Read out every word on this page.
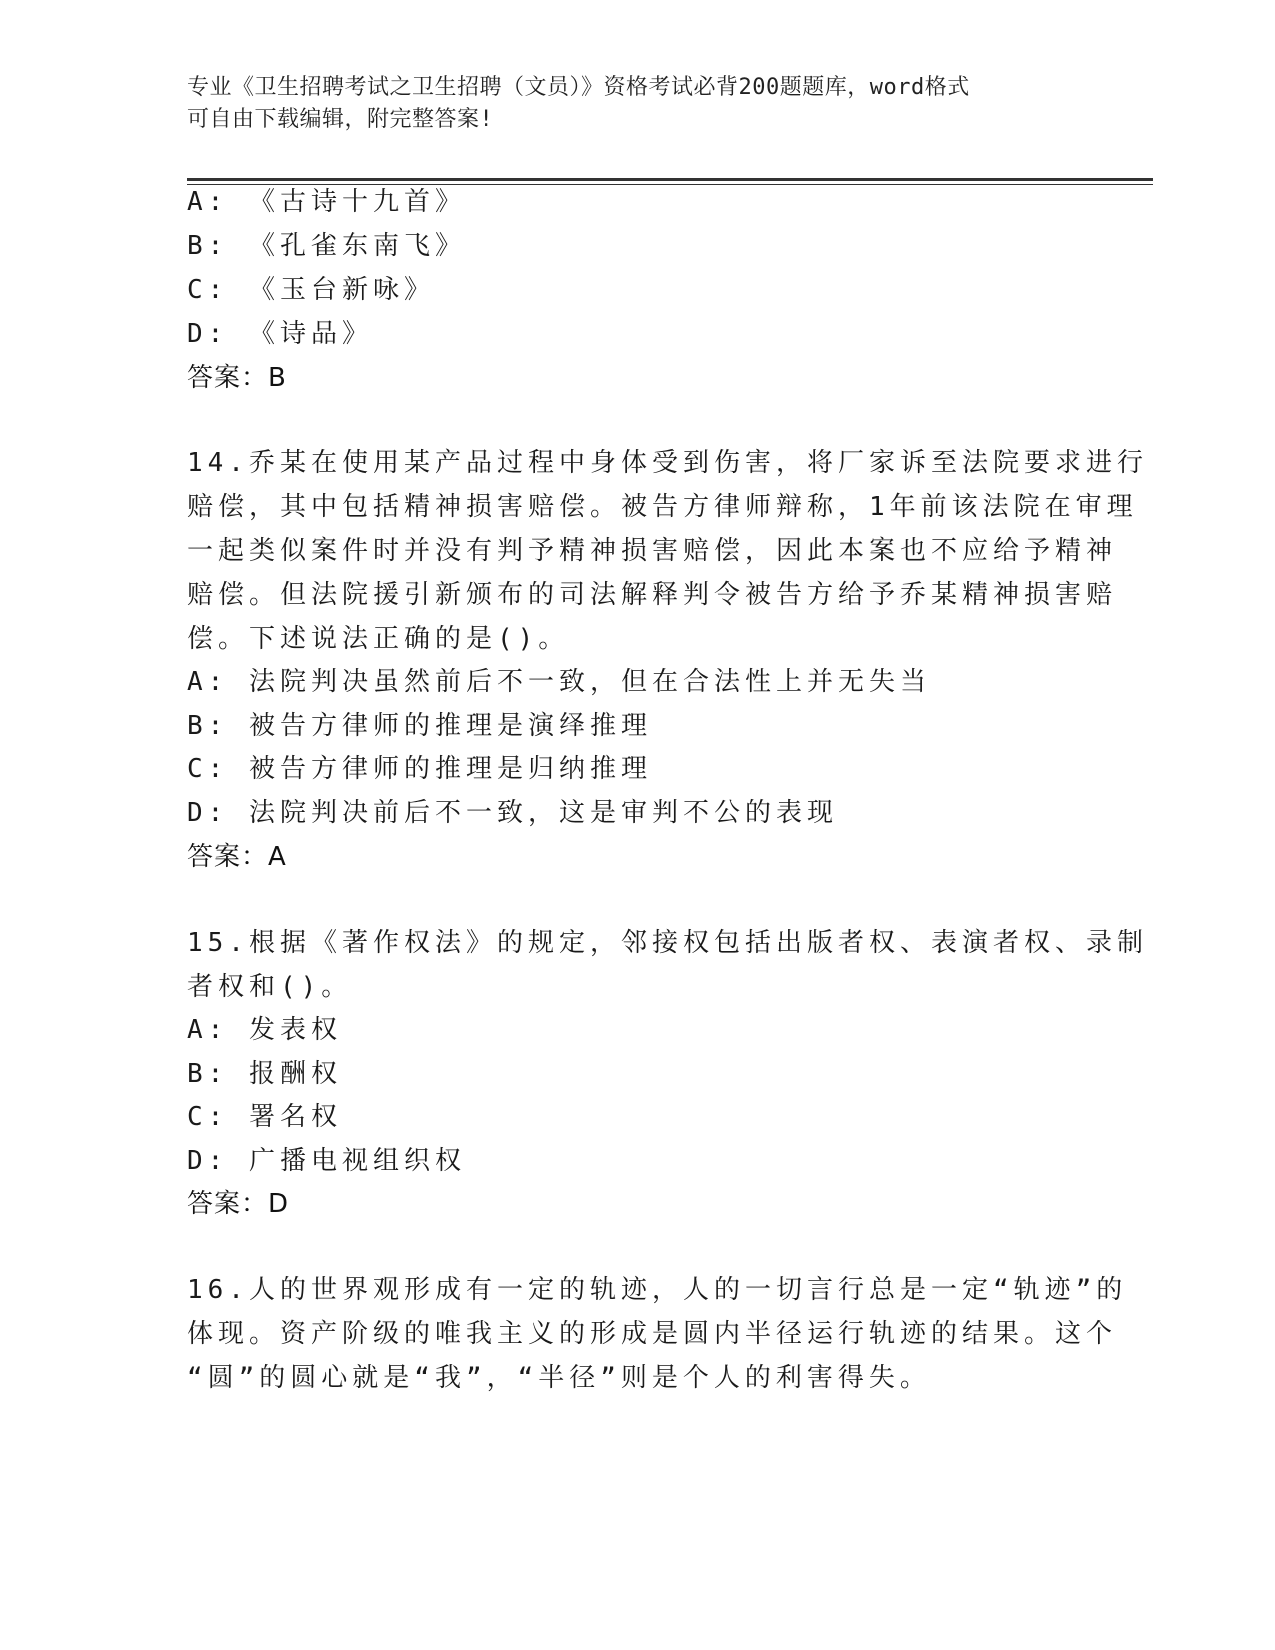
专业《卫生招聘考试之卫生招聘（文员）》资格考试必背200题题库，word格式
可自由下载编辑，附完整答案!
A: 《古诗十九首》
B: 《孔雀东南飞》
C: 《玉台新咏》
D: 《诗品》
答案：B
14.乔某在使用某产品过程中身体受到伤害，将厂家诉至法院要求进行
赔偿，其中包括精神损害赔偿。被告方律师辩称，1年前该法院在审理
一起类似案件时并没有判予精神损害赔偿，因此本案也不应给予精神
赔偿。但法院援引新颁布的司法解释判令被告方给予乔某精神损害赔
偿。下述说法正确的是()。
A: 法院判决虽然前后不一致，但在合法性上并无失当
B: 被告方律师的推理是演绎推理
C: 被告方律师的推理是归纳推理
D: 法院判决前后不一致，这是审判不公的表现
答案：A
15.根据《著作权法》的规定，邻接权包括出版者权、表演者权、录制
者权和()。
A: 发表权
B: 报酬权
C: 署名权
D: 广播电视组织权
答案：D
16.人的世界观形成有一定的轨迹，人的一切言行总是一定“轨迹”的
体现。资产阶级的唯我主义的形成是圆内半径运行轨迹的结果。这个
“圆”的圆心就是“我”，“半径”则是个人的利害得失。
